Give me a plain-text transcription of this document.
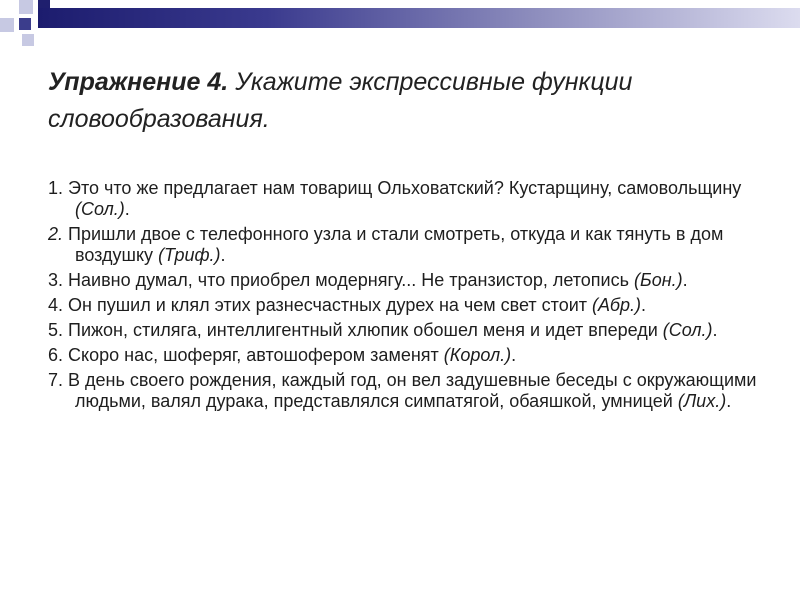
Упражнение 4. Укажите экспрессивные функции словообразования.
1. Это что же предлагает нам товарищ Ольховатский? Кустарщину, самовольщину (Сол.).
2. Пришли двое с телефонного узла и стали смотреть, откуда и как тянуть в дом воздушку (Триф.).
3. Наивно думал, что приобрел модернягу... Не транзистор, летопись (Бон.).
4. Он пушил и клял этих разнесчастных дурех на чем свет стоит (Абр.).
5. Пижон, стиляга, интеллигентный хлюпик обошел меня и идет впереди (Сол.).
6. Скоро нас, шоферяг, автошофером заменят (Корол.).
7. В день своего рождения, каждый год, он вел задушевные беседы с окружающими людьми, валял дурака, представлялся симпатягой, обаяшкой, умницей (Лих.).
